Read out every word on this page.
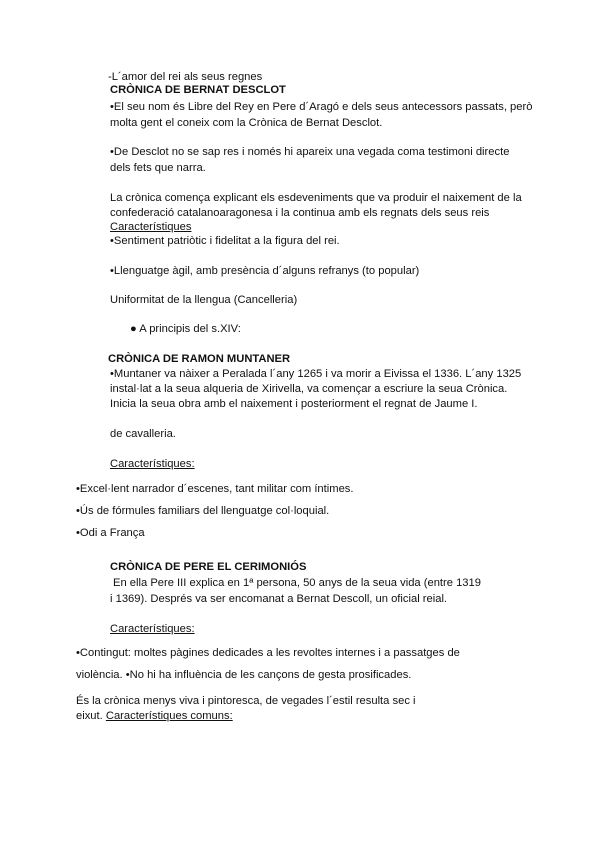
-L´amor del rei als seus regnes
CRÒNICA DE BERNAT DESCLOT
•El seu nom és Libre del Rey en Pere d´Aragó e dels seus antecessors passats, però
molta gent el coneix com la Crònica de Bernat Desclot.
•De Desclot no se sap res i només hi apareix una vegada coma testimoni directe
dels fets que narra.
La crònica comença explicant els esdeveniments que va produir el naixement de la
confederació catalanoaragonesa i la continua amb els regnats dels seus reis
Característiques
•Sentiment patriòtic i fidelitat a la figura del rei.
•Llenguatge àgil, amb presència d´alguns refranys (to popular)
Uniformitat de la llengua (Cancelleria)
● A principis del s.XIV:
CRÒNICA DE RAMON MUNTANER
•Muntaner va nàixer a Peralada l´any 1265 i va morir a Eivissa el 1336. L´any 1325
instal·lat a la seua alqueria de Xirivella, va començar a escriure la seua Crònica.
Inicia la seua obra amb el naixement i posteriorment el regnat de Jaume I.
de cavalleria.
Característiques:
•Excel·lent narrador d´escenes, tant militar com íntimes.
•Ús de fórmules familiars del llenguatge col·loquial.
•Odi a França
CRÒNICA DE PERE EL CERIMONIÓS
En ella Pere III explica en 1ª persona, 50 anys de la seua vida (entre 1319
i 1369). Després va ser encomanat a Bernat Descoll, un oficial reial.
Característiques:
•Contingut: moltes pàgines dedicades a les revoltes internes i a passatges de
violència. •No hi ha influència de les cançons de gesta prosificades.
És la crònica menys viva i pintoresca, de vegades l´estil resulta sec i
eixut. Característiques comuns:
